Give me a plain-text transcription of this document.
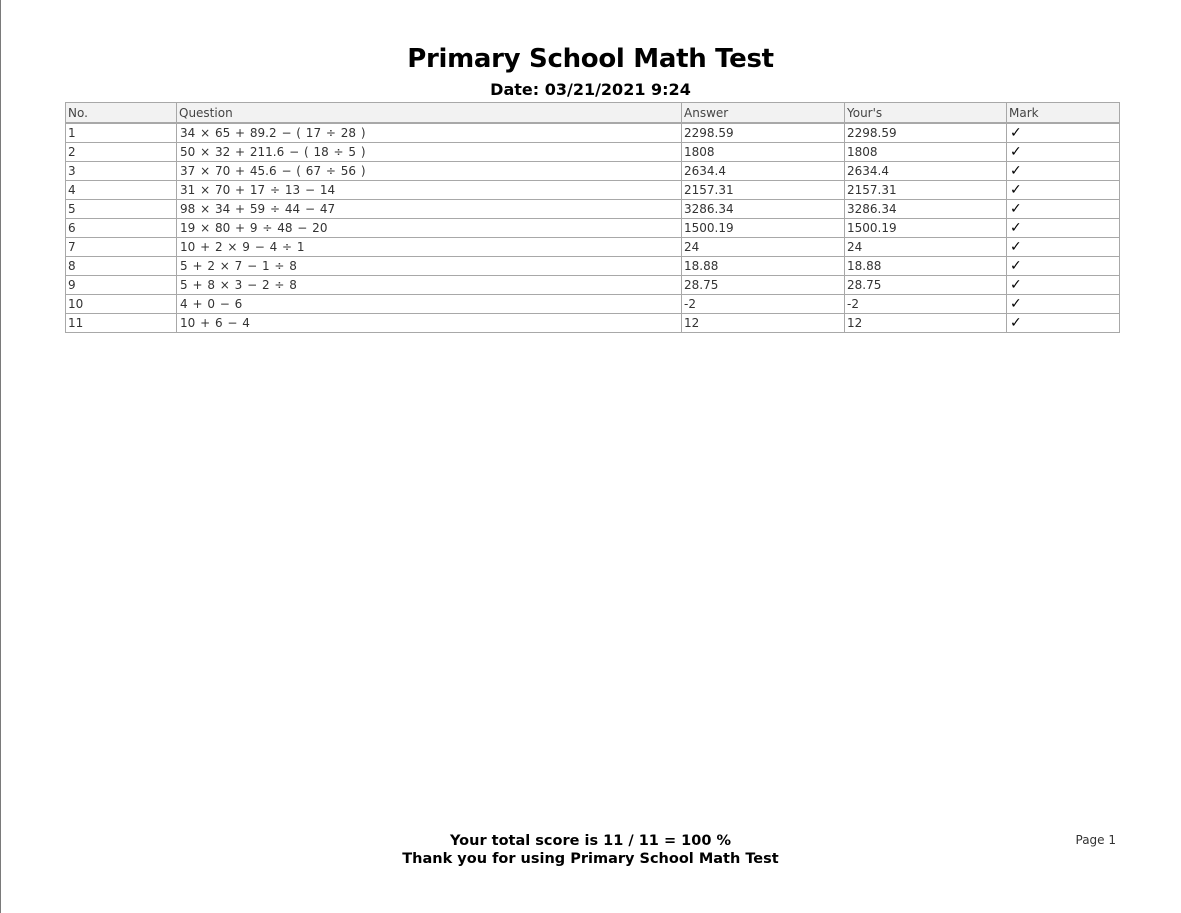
Primary School Math Test
Date: 03/21/2021 9:24
No.	Question	Answer	Your's	Mark
1	34 × 65 + 89.2 − ( 17 ÷ 28 )	2298.59	2298.59	✓
2	50 × 32 + 211.6 − ( 18 ÷ 5 )	1808	1808	✓
3	37 × 70 + 45.6 − ( 67 ÷ 56 )	2634.4	2634.4	✓
4	31 × 70 + 17 ÷ 13 − 14	2157.31	2157.31	✓
5	98 × 34 + 59 ÷ 44 − 47	3286.34	3286.34	✓
6	19 × 80 + 9 ÷ 48 − 20	1500.19	1500.19	✓
7	10 + 2 × 9 − 4 ÷ 1	24	24	✓
8	5 + 2 × 7 − 1 ÷ 8	18.88	18.88	✓
9	5 + 8 × 3 − 2 ÷ 8	28.75	28.75	✓
10	4 + 0 − 6	-2	-2	✓
11	10 + 6 − 4	12	12	✓
Your total score is 11 / 11 = 100 %
Thank you for using Primary School Math Test
Page 1
